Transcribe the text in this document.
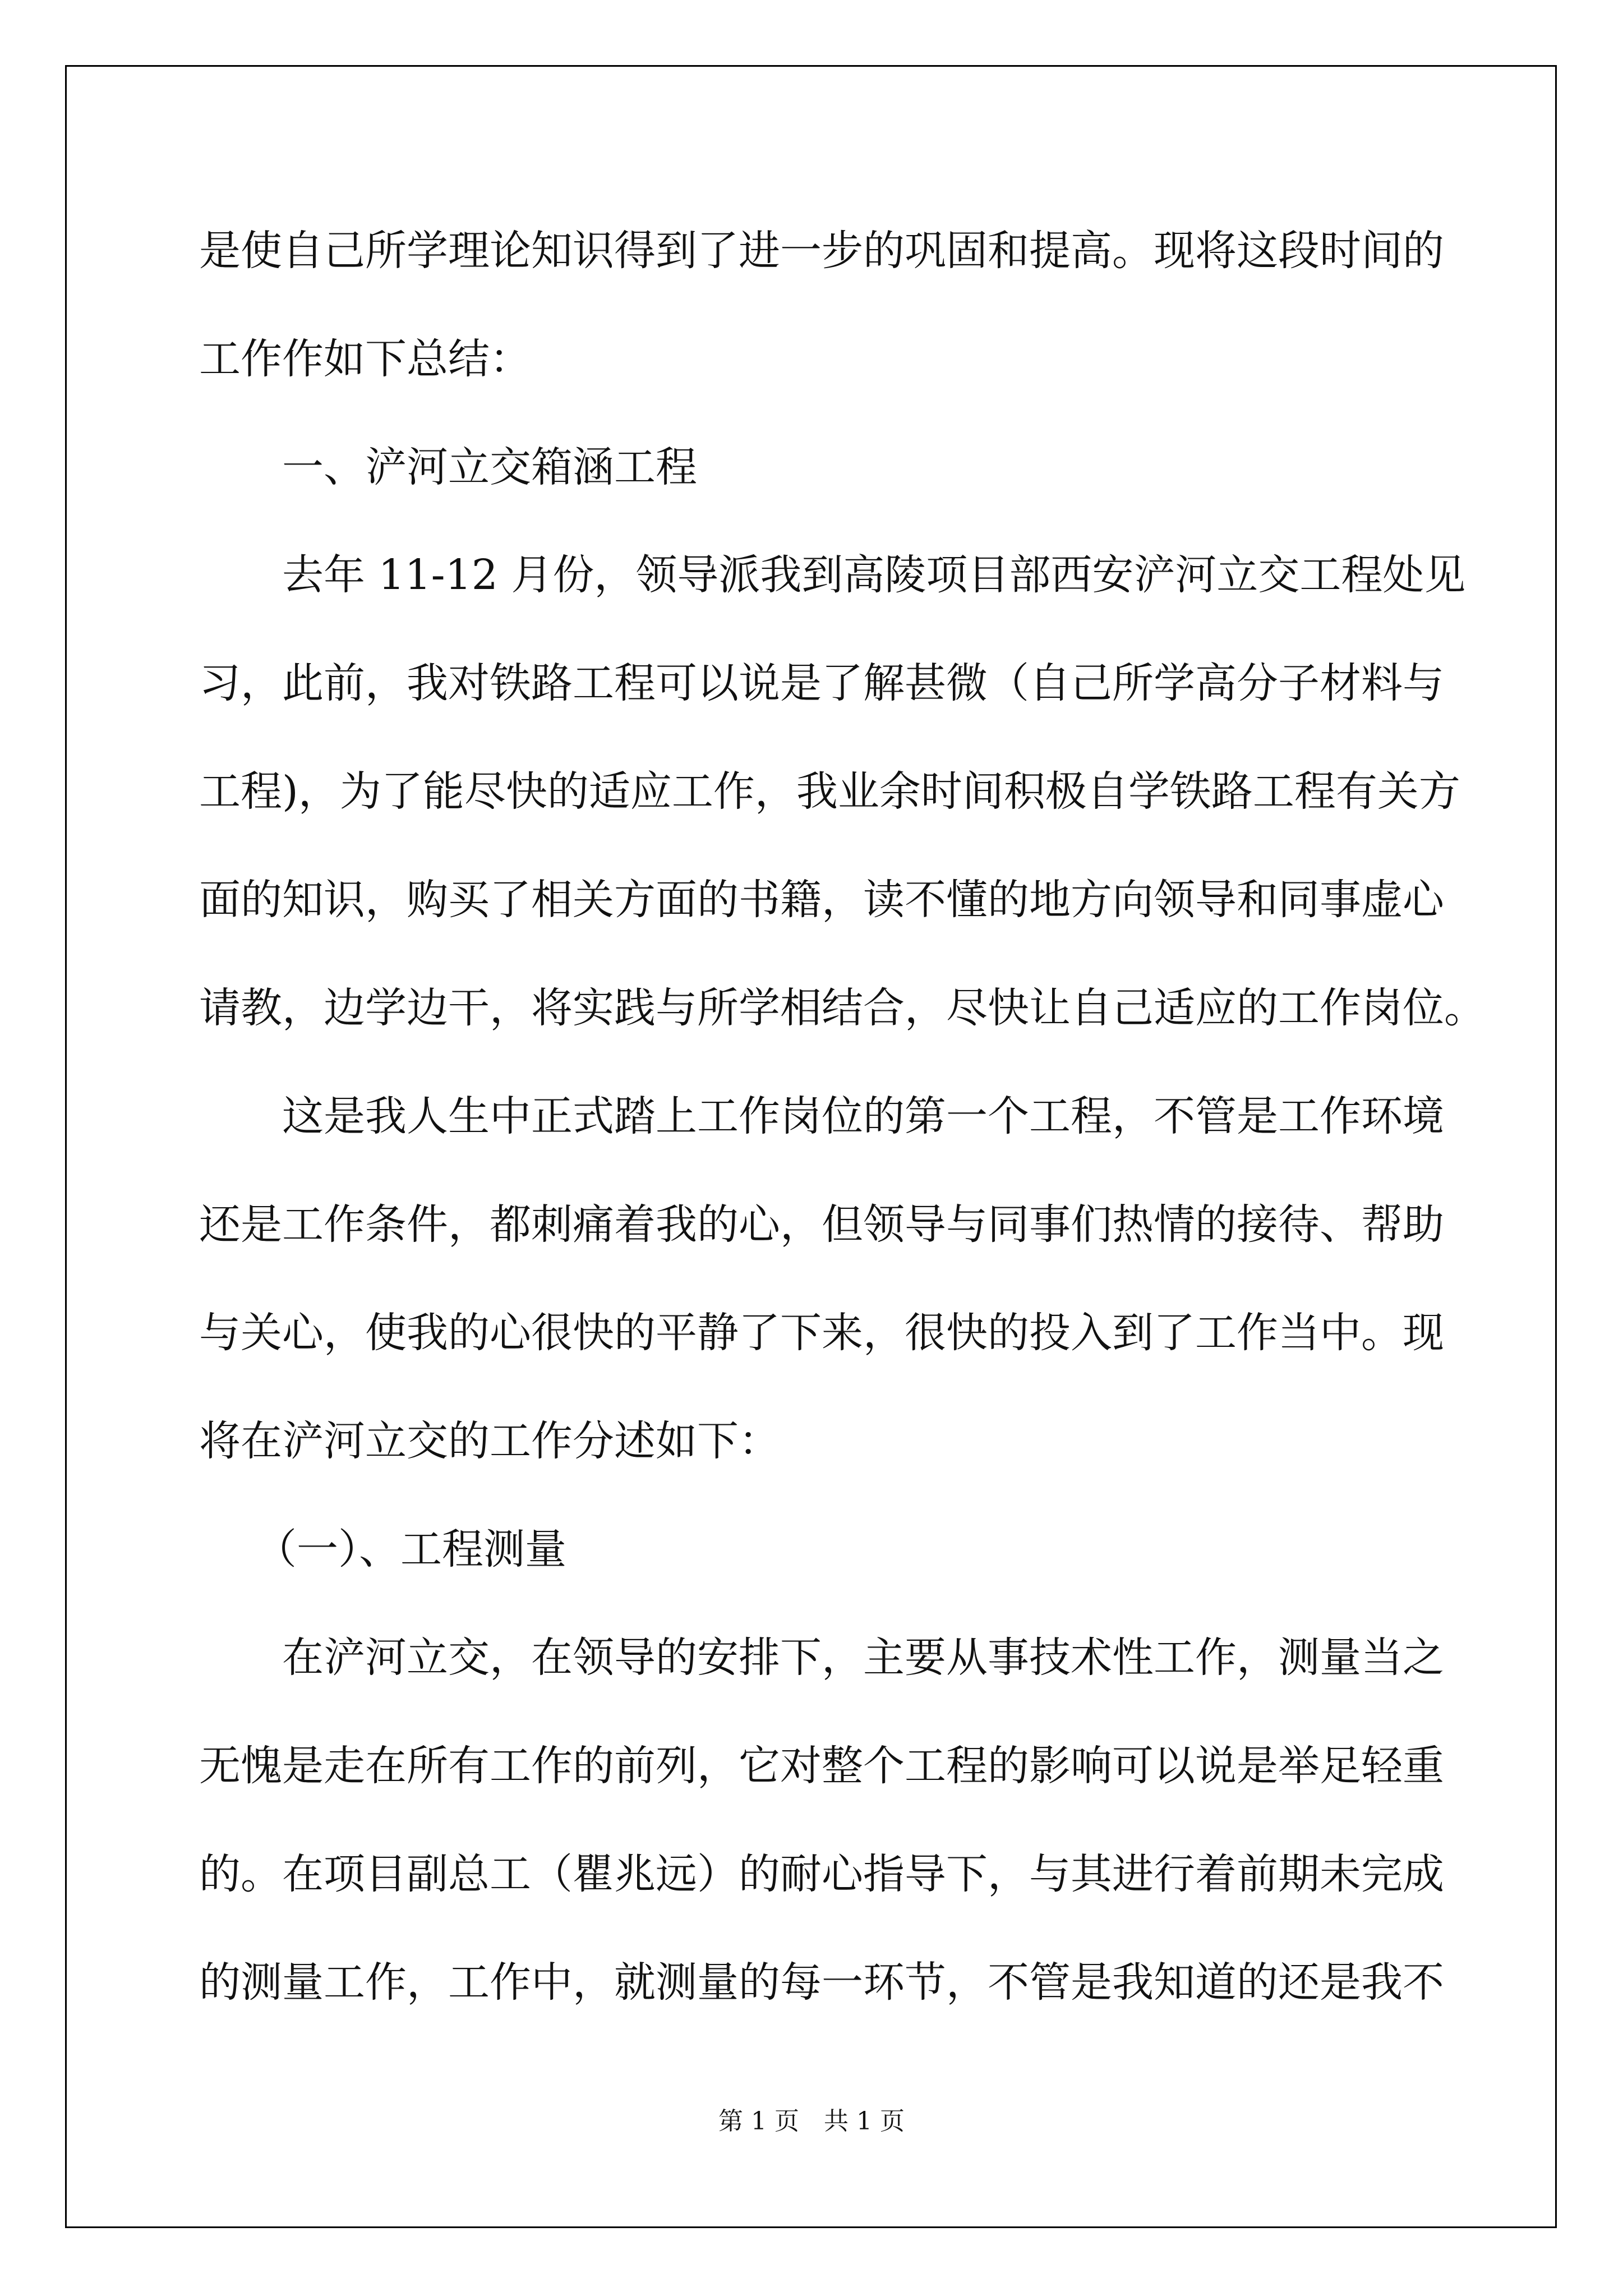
是使自己所学理论知识得到了进一步的巩固和提高。现将这段时间的
工作作如下总结：
一、浐河立交箱涵工程
去年 11-12 月份，领导派我到高陵项目部西安浐河立交工程处见
习，此前，我对铁路工程可以说是了解甚微（自己所学高分子材料与
工程)，为了能尽快的适应工作，我业余时间积极自学铁路工程有关方
面的知识，购买了相关方面的书籍，读不懂的地方向领导和同事虚心
请教，边学边干，将实践与所学相结合，尽快让自己适应的工作岗位。
这是我人生中正式踏上工作岗位的第一个工程，不管是工作环境
还是工作条件，都刺痛着我的心，但领导与同事们热情的接待、帮助
与关心，使我的心很快的平静了下来，很快的投入到了工作当中。现
将在浐河立交的工作分述如下：
（一）、工程测量
在浐河立交，在领导的安排下，主要从事技术性工作，测量当之
无愧是走在所有工作的前列，它对整个工程的影响可以说是举足轻重
的。在项目副总工（瞿兆远）的耐心指导下，与其进行着前期未完成
的测量工作，工作中，就测量的每一环节，不管是我知道的还是我不
第 1 页　共 1 页
